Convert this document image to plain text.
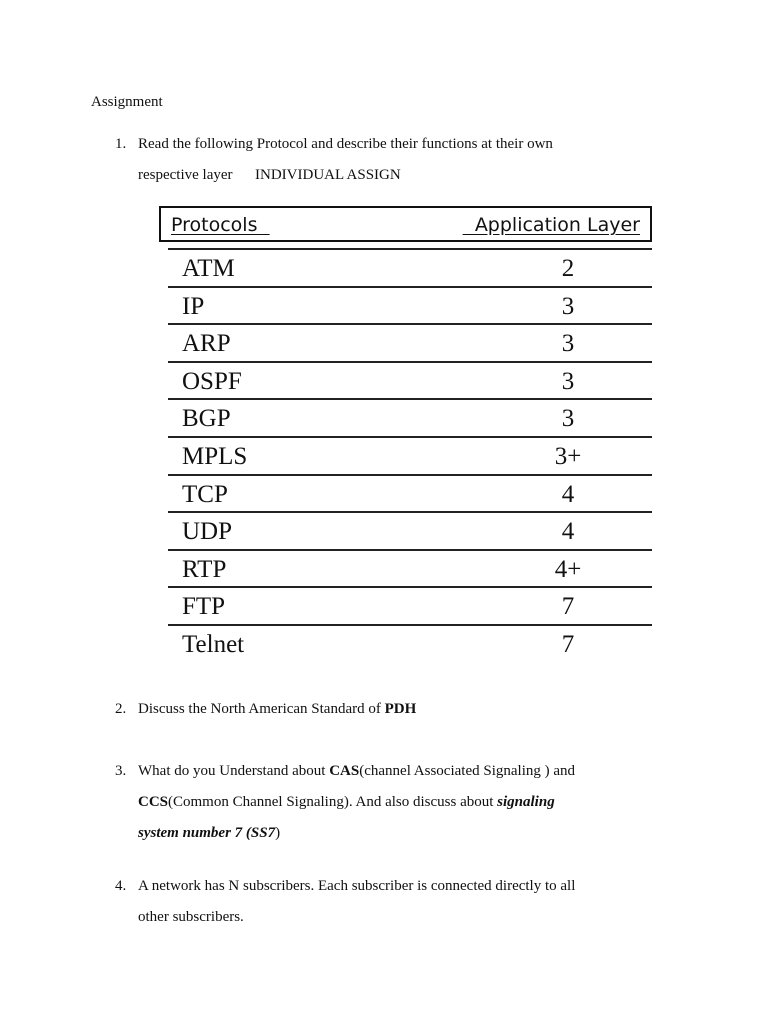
Assignment
1. Read the following Protocol and describe their functions at their own
respective layer      INDIVIDUAL ASSIGN
Protocols	Application Layer
ATM	2
IP	3
ARP	3
OSPF	3
BGP	3
MPLS	3+
TCP	4
UDP	4
RTP	4+
FTP	7
Telnet	7
2. Discuss the North American Standard of PDH
3. What do you Understand about CAS(channel Associated Signaling ) and
CCS(Common Channel Signaling). And also discuss about signaling
system number 7 (SS7)
4. A network has N subscribers. Each subscriber is connected directly to all
other subscribers.
